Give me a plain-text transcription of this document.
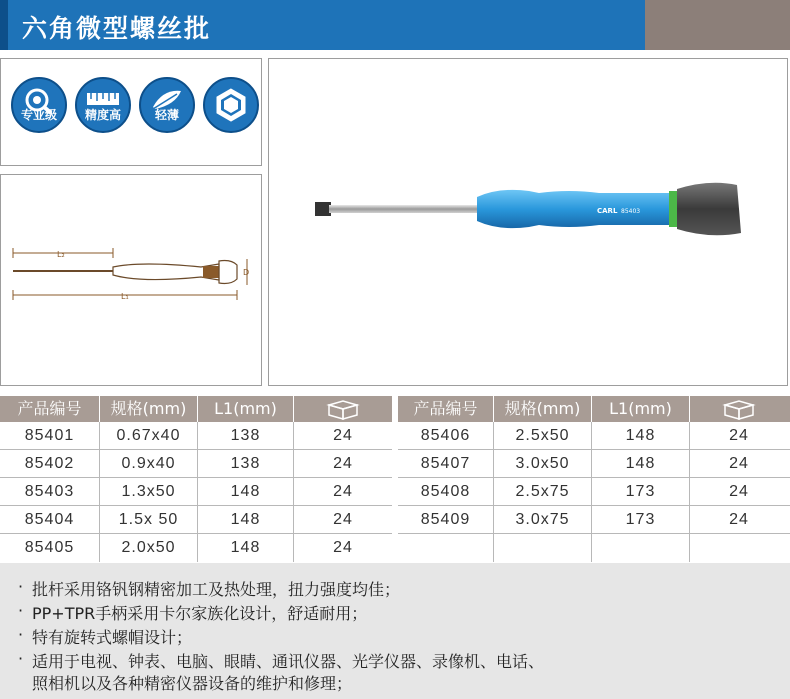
六角微型螺丝批
专业级	精度高	轻薄
L₂
L₁
D
CARL 85403
产品编号	规格(mm)	L1(mm)
85401	0.67x40	138	24
85402	0.9x40	138	24
85403	1.3x50	148	24
85404	1.5x 50	148	24
85405	2.0x50	148	24
产品编号	规格(mm)	L1(mm)
85406	2.5x50	148	24
85407	3.0x50	148	24
85408	2.5x75	173	24
85409	3.0x75	173	24
· 批杆采用铬钒钢精密加工及热处理，扭力强度均佳；
· PP+TPR手柄采用卡尔家族化设计，舒适耐用；
· 特有旋转式螺帽设计；
· 适用于电视、钟表、电脑、眼睛、通讯仪器、光学仪器、录像机、电话、
照相机以及各种精密仪器设备的维护和修理；
